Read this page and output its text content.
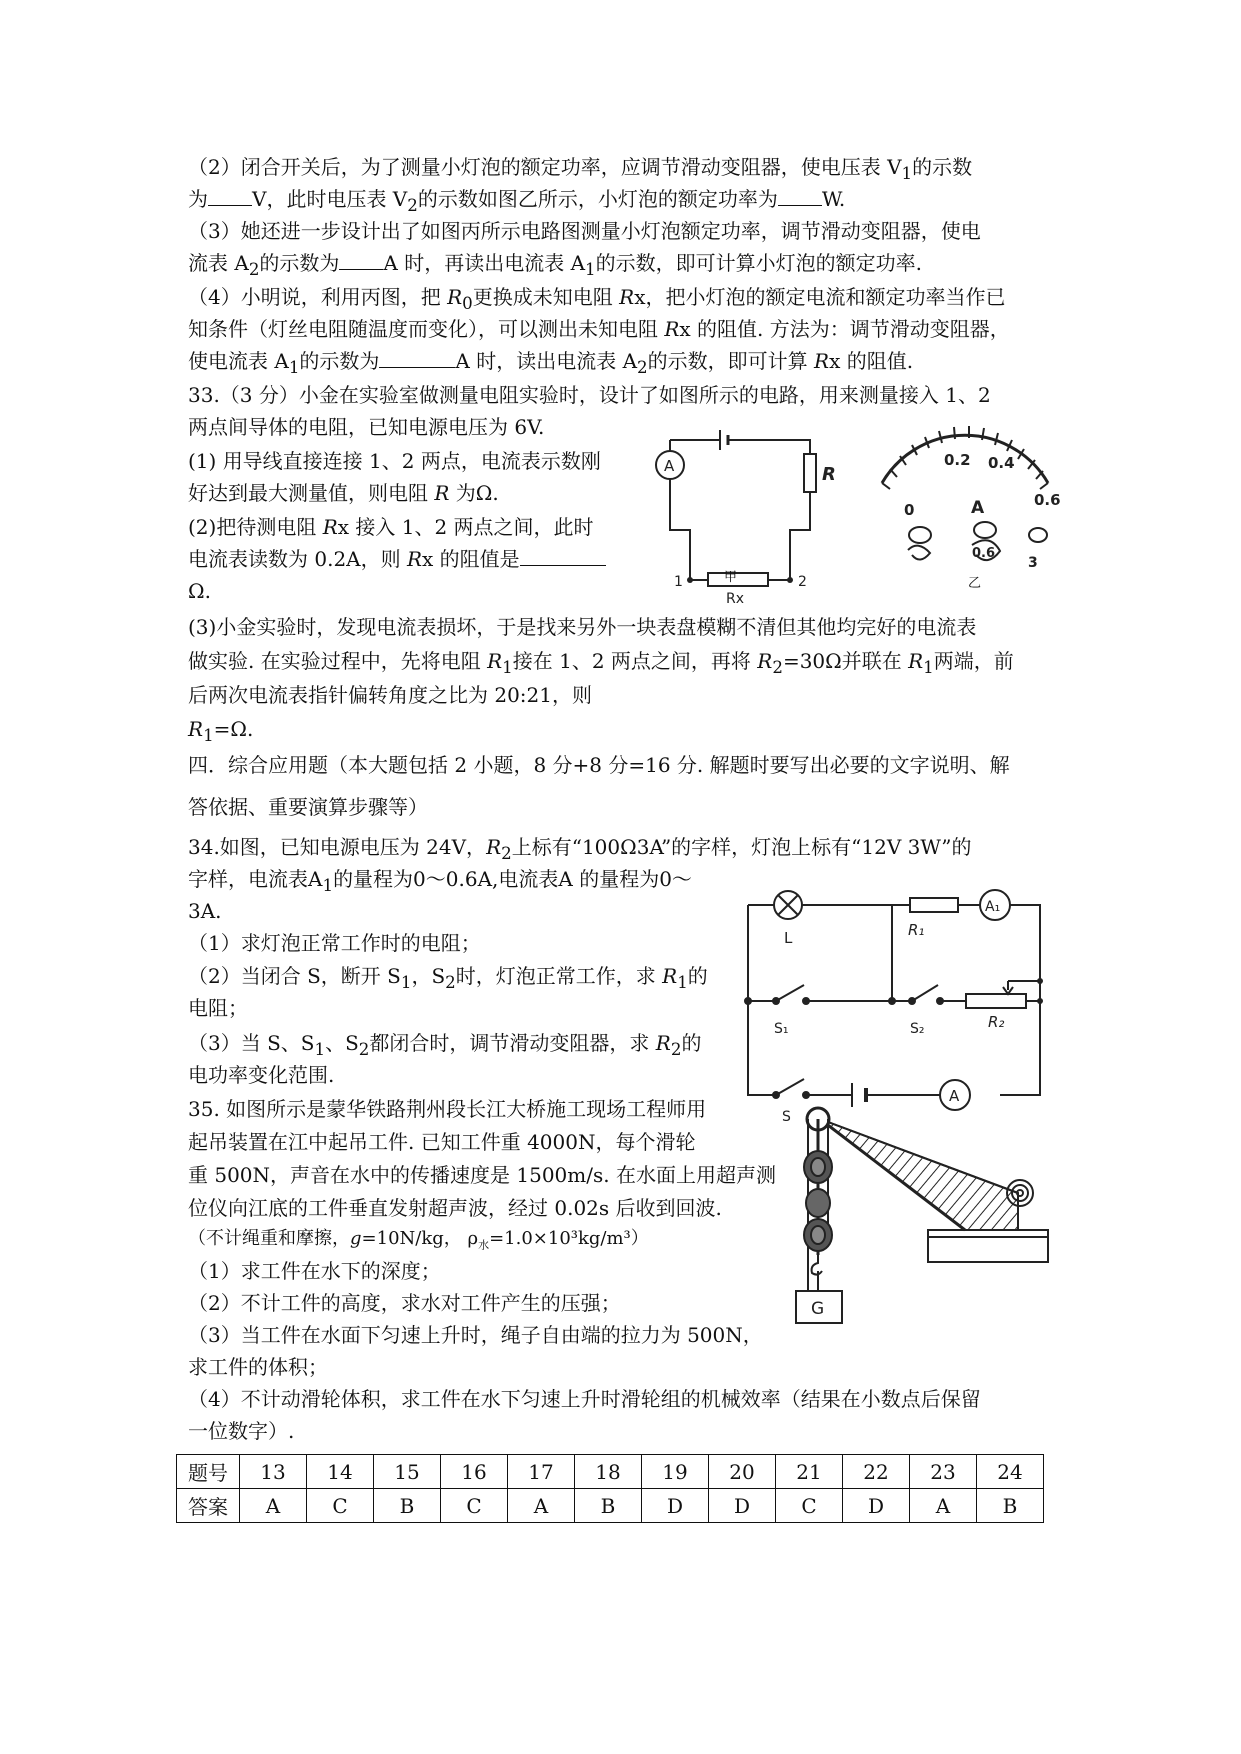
（2）闭合开关后，为了测量小灯泡的额定功率，应调节滑动变阻器，使电压表 $V_1$的示数
为 V，此时电压表 $V_2$的示数如图乙所示，小灯泡的额定功率为 W.
（3）她还进一步设计出了如图丙所示电路图测量小灯泡额定功率，调节滑动变阻器，使电
流表 $A_2$的示数为 A 时，再读出电流表 $A_1$的示数，即可计算小灯泡的额定功率.
（4）小明说，利用丙图，把 $R_0$更换成未知电阻 Rx，把小灯泡的额定电流和额定功率当作已
知条件（灯丝电阻随温度而变化），可以测出未知电阻 Rx 的阻值. 方法为：调节滑动变阻器，
使电流表 $A_1$的示数为	A 时，读出电流表 $A_2$的示数，即可计算 Rx 的阻值.
33.（3 分）小金在实验室做测量电阻实验时，设计了如图所示的电路，用来测量接入 1、2
两点间导体的电阻，已知电源电压为 6V.
(1) 用导线直接连接 1、2 两点，电流表示数刚
好达到最大测量值，则电阻 R 为Ω.
(2)把待测电阻 Rx 接入 1、2 两点之间，此时
电流表读数为 0.2A，则 Rx 的阻值是
Ω.
(3)小金实验时，发现电流表损坏，于是找来另外一块表盘模糊不清但其他均完好的电流表
做实验. 在实验过程中，先将电阻 $R_1$接在 1、2 两点之间，再将 $R_2=30\Omega$并联在 $R_1$两端，前
后两次电流表指针偏转角度之比为 20:21，则
$R_1=\Omega$.
R
A
1	2
Rx
甲
0
0.2 0.4
0.6
A
0.6
3
乙
四．综合应用题（本大题包括 2 小题，8 分+8 分=16 分. 解题时要写出必要的文字说明、解
答依据、重要演算步骤等）
34.如图，已知电源电压为 24V，$R_2$上标有“100Ω3A”的字样，灯泡上标有“12V 3W”的
字样，电流表$A_1$的量程为0～0.6A,电流表A 的量程为0～
3A.
（1）求灯泡正常工作时的电阻；
（2）当闭合 S，断开 $S_1$，$S_2$时，灯泡正常工作，求 $R_1$的
电阻；
（3）当 S、$S_1$、$S_2$都闭合时，调节滑动变阻器，求 $R_2$的
电功率变化范围.
L	R₁
A₁
S₁	S₂	R₂
S
A
35. 如图所示是蒙华铁路荆州段长江大桥施工现场工程师用
起吊装置在江中起吊工件. 已知工件重 4000N，每个滑轮
重 500N，声音在水中的传播速度是 1500m/s. 在水面上用超声测
位仪向江底的工件垂直发射超声波，经过 0.02s 后收到回波.
（不计绳重和摩擦，g=10N/kg， $\rho_水=1.0\times 10^3kg/m^3$）
（1）求工件在水下的深度；
（2）不计工件的高度，求水对工件产生的压强；
（3）当工件在水面下匀速上升时，绳子自由端的拉力为 500N，
求工件的体积；
（4）不计动滑轮体积，求工件在水下匀速上升时滑轮组的机械效率（结果在小数点后保留
一位数字）.
G
题号	13	14	15	16	17	18	19	20	21	22	23	24
答案	A	C	B	C	A	B	D	D	C	D	A	B
